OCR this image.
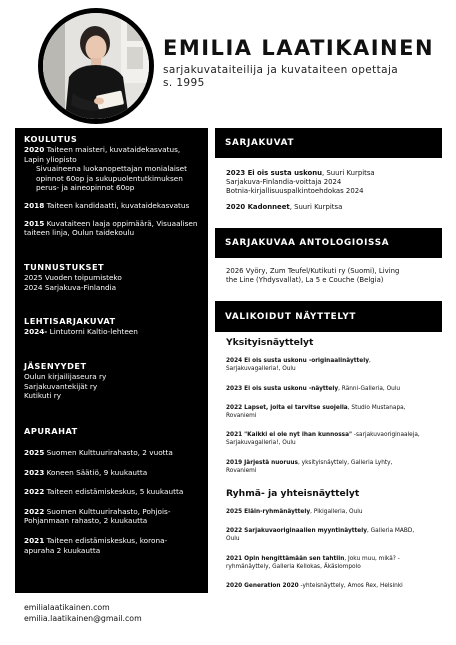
EMILIA LAATIKAINEN
sarjakuvataiteilija ja kuvataiteen opettaja
s. 1995
KOULUTUS
2020 Taiteen maisteri, kuvataidekasvatus,
Lapin yliopisto
Sivuaineena luokanopettajan monialaiset
opinnot 60op ja sukupuolentutkimuksen
perus- ja aineopinnot 60op
2018 Taiteen kandidaatti, kuvataidekasvatus
2015 Kuvataiteen laaja oppimäärä, Visuaalisen
taiteen linja, Oulun taidekoulu
TUNNUSTUKSET
2025 Vuoden toipumisteko
2024 Sarjakuva-Finlandia
LEHTISARJAKUVAT
2024- Lintutorni Kaltio-lehteen
JÄSENYYDET
Oulun kirjailijaseura ry
Sarjakuvantekijät ry
Kutikuti ry
APURAHAT
2025 Suomen Kulttuurirahasto, 2 vuotta
2023 Koneen Säätiö, 9 kuukautta
2022 Taiteen edistämiskeskus, 5 kuukautta
2022 Suomen Kulttuurirahasto, Pohjois-
Pohjanmaan rahasto, 2 kuukautta
2021 Taiteen edistämiskeskus, korona-
apuraha 2 kuukautta
SARJAKUVAT
2023 Ei ois susta uskonu, Suuri Kurpitsa
Sarjakuva-Finlandia-voittaja 2024
Botnia-kirjallisuuspalkintoehdokas 2024
2020 Kadonneet, Suuri Kurpitsa
SARJAKUVAA ANTOLOGIOISSA
2026 Vyöry, Zum Teufel/Kutikuti ry (Suomi), Living
the Line (Yhdysvallat), La 5 e Couche (Belgia)
VALIKOIDUT NÄYTTELYT
Yksityisnäyttelyt
2024 Ei ois susta uskonu -originaalinäyttely,
Sarjakuvagalleria!, Oulu
2023 Ei ois susta uskonu -näyttely, Ränni-Galleria, Oulu
2022 Lapset, joita ei tarvitse suojella, Studio Mustanapa,
Rovaniemi
2021 "Kaikki ei ole nyt ihan kunnossa" -sarjakuvaoriginaaleja,
Sarjakuvagalleria!, Oulu
2019 Järjestä nuoruus, yksityisnäyttely, Galleria Lyhty,
Rovaniemi
Ryhmä- ja yhteisnäyttelyt
2025 Eläin-ryhmänäyttely, Pikigalleria, Oulu
2022 Sarjakuvaoriginaalien myyntinäyttely, Galleria MABD,
Oulu
2021 Opin hengittämään sen tahtiin, Joku muu, mikä? -
ryhmänäyttely, Galleria Kellokas, Äkäslompolo
2020 Generation 2020 -yhteisnäyttely, Amos Rex, Helsinki
emilialaatikainen.com
emilia.laatikainen@gmail.com
